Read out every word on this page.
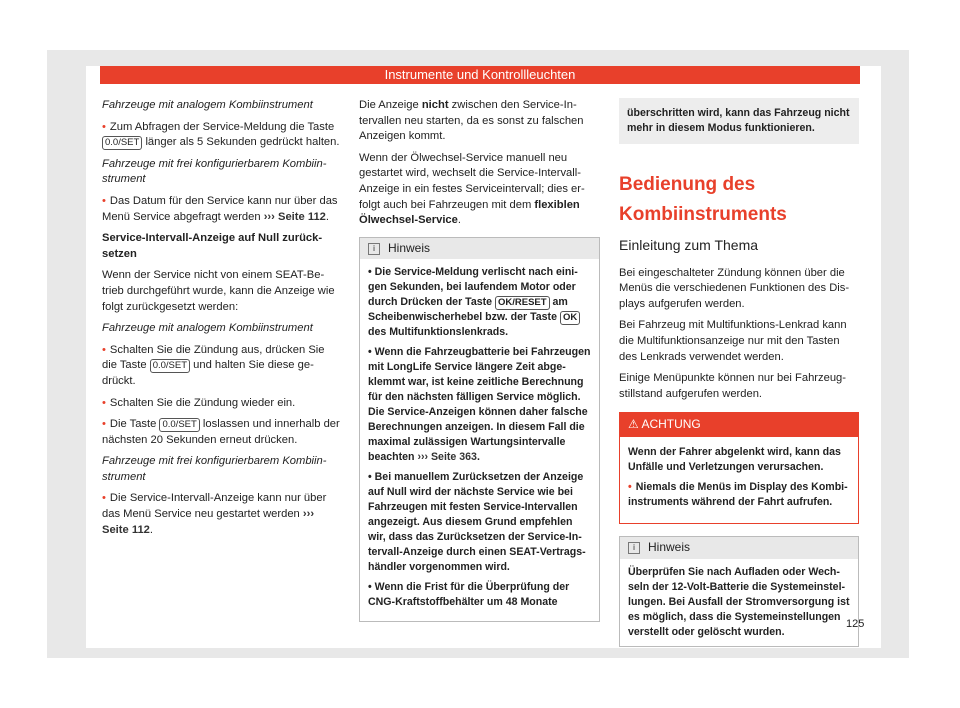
Instrumente und Kontrollleuchten

Fahrzeuge mit analogem Kombiinstrument

• Zum Abfragen der Service-Meldung die Taste 0.0/SET länger als 5 Sekunden gedrückt halten.

Fahrzeuge mit frei konfigurierbarem Kombiinstrument

• Das Datum für den Service kann nur über das Menü Service abgefragt werden ››› Seite 112.

Service-Intervall-Anzeige auf Null zurücksetzen

Wenn der Service nicht von einem SEAT-Betrieb durchgeführt wurde, kann die Anzeige wie folgt zurückgesetzt werden:

Fahrzeuge mit analogem Kombiinstrument

• Schalten Sie die Zündung aus, drücken Sie die Taste 0.0/SET und halten Sie diese gedrückt.

• Schalten Sie die Zündung wieder ein.

• Die Taste 0.0/SET loslassen und innerhalb der nächsten 20 Sekunden erneut drücken.

Fahrzeuge mit frei konfigurierbarem Kombiinstrument

• Die Service-Intervall-Anzeige kann nur über das Menü Service neu gestartet werden ››› Seite 112.

Die Anzeige nicht zwischen den Service-Intervallen neu starten, da es sonst zu falschen Anzeigen kommt.

Wenn der Ölwechsel-Service manuell neu gestartet wird, wechselt die Service-Intervall-Anzeige in ein festes Serviceintervall; dies erfolgt auch bei Fahrzeugen mit dem flexiblen Ölwechsel-Service.

i Hinweis

• Die Service-Meldung verlischt nach einigen Sekunden, bei laufendem Motor oder durch Drücken der Taste OK/RESET am Scheibenwischerhebel bzw. der Taste OK des Multifunktionslenkrads.

• Wenn die Fahrzeugbatterie bei Fahrzeugen mit LongLife Service längere Zeit abgeklemmt war, ist keine zeitliche Berechnung für den nächsten fälligen Service möglich. Die Service-Anzeigen können daher falsche Berechnungen anzeigen. In diesem Fall die maximal zulässigen Wartungsintervalle beachten ››› Seite 363.

• Bei manuellem Zurücksetzen der Anzeige auf Null wird der nächste Service wie bei Fahrzeugen mit festen Service-Intervallen angezeigt. Aus diesem Grund empfehlen wir, dass das Zurücksetzen der Service-Intervall-Anzeige durch einen SEAT-Vertragshändler vorgenommen wird.

• Wenn die Frist für die Überprüfung der CNG-Kraftstoffbehälter um 48 Monate

überschritten wird, kann das Fahrzeug nicht mehr in diesem Modus funktionieren.
Bedienung des Kombiinstruments
Einleitung zum Thema

Bei eingeschalteter Zündung können über die Menüs die verschiedenen Funktionen des Displays aufgerufen werden.

Bei Fahrzeug mit Multifunktions-Lenkrad kann die Multifunktionsanzeige nur mit den Tasten des Lenkrads verwendet werden.

Einige Menüpunkte können nur bei Fahrzeugstillstand aufgerufen werden.

⚠ ACHTUNG

Wenn der Fahrer abgelenkt wird, kann das Unfälle und Verletzungen verursachen.

• Niemals die Menüs im Display des Kombiinstruments während der Fahrt aufrufen.

i Hinweis
Überprüfen Sie nach Aufladen oder Wechseln der 12-Volt-Batterie die Systemeinstellungen. Bei Ausfall der Stromversorgung ist es möglich, dass die Systemeinstellungen verstellt oder gelöscht wurden.
125
